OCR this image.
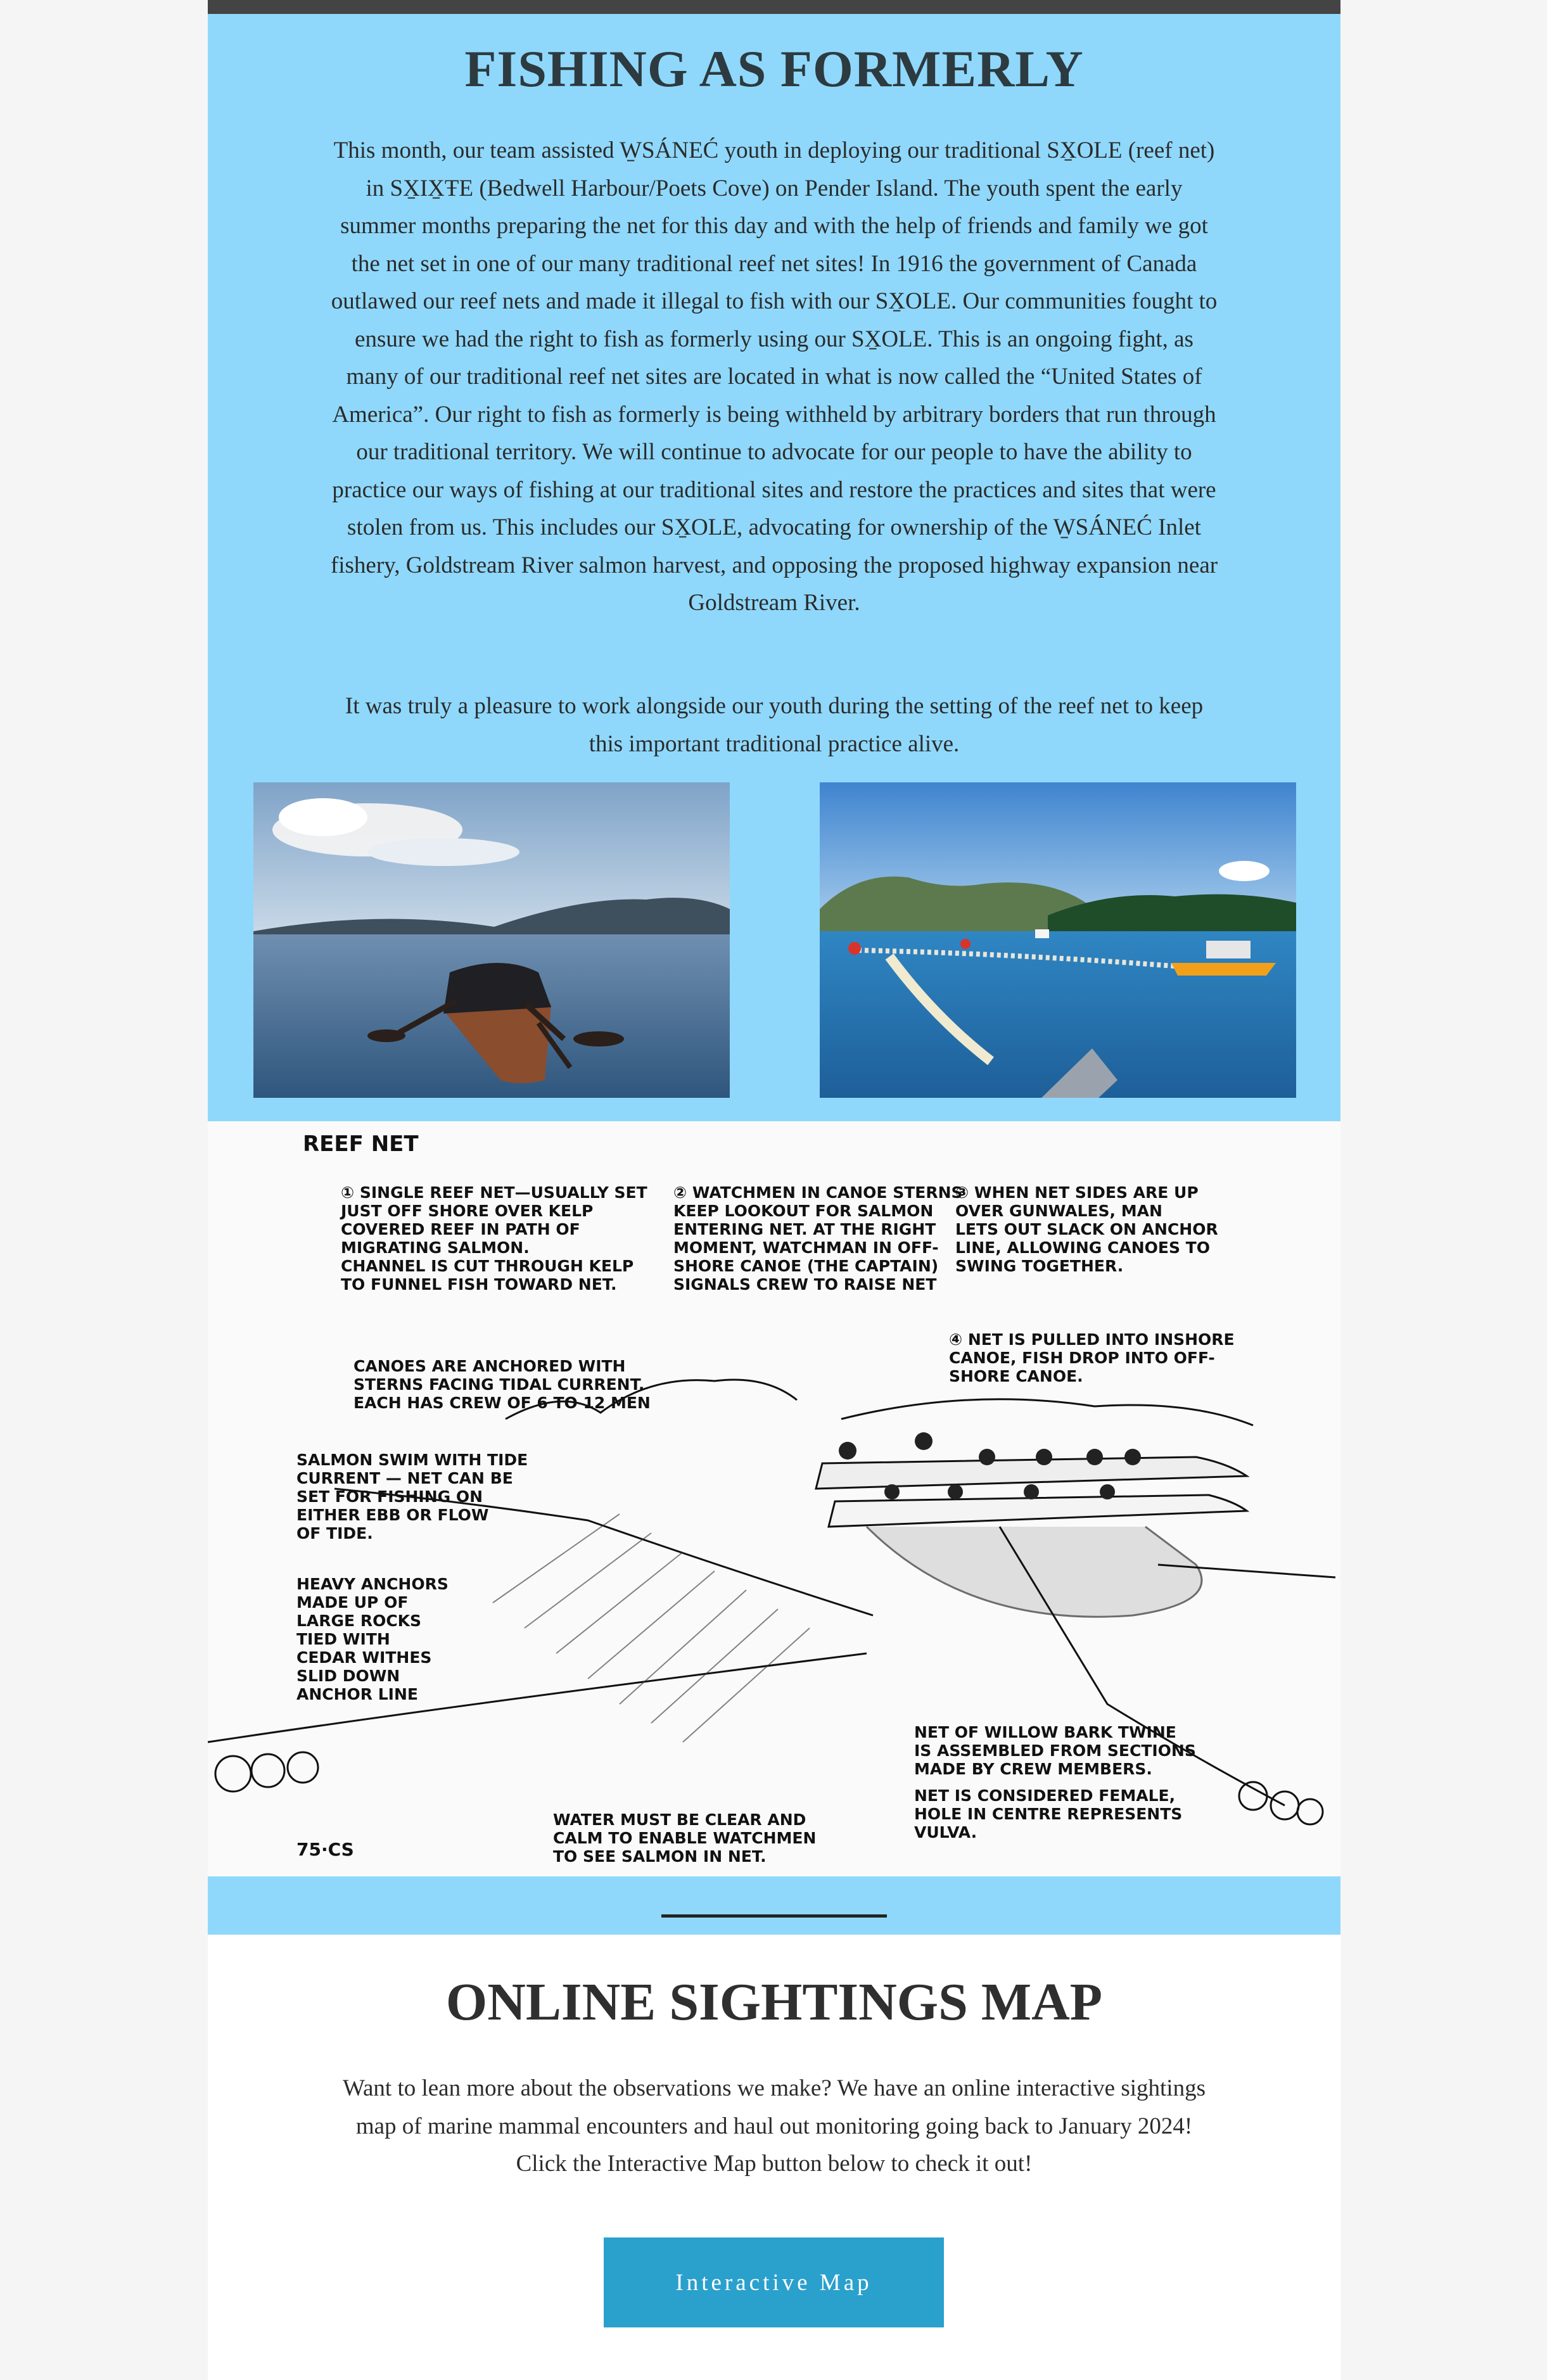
FISHING AS FORMERLY
This month, our team assisted W̱SÁNEĆ youth in deploying our traditional SX̱OLE (reef net) in SX̱IX̱ŦE (Bedwell Harbour/Poets Cove) on Pender Island. The youth spent the early summer months preparing the net for this day and with the help of friends and family we got the net set in one of our many traditional reef net sites! In 1916 the government of Canada outlawed our reef nets and made it illegal to fish with our SX̱OLE. Our communities fought to ensure we had the right to fish as formerly using our SX̱OLE. This is an ongoing fight, as many of our traditional reef net sites are located in what is now called the “United States of America”. Our right to fish as formerly is being withheld by arbitrary borders that run through our traditional territory. We will continue to advocate for our people to have the ability to practice our ways of fishing at our traditional sites and restore the practices and sites that were stolen from us. This includes our SX̱OLE, advocating for ownership of the W̱SÁNEĆ Inlet fishery, Goldstream River salmon harvest, and opposing the proposed highway expansion near Goldstream River.
It was truly a pleasure to work alongside our youth during the setting of the reef net to keep this important traditional practice alive.
REEF NET
① SINGLE REEF NET—USUALLY SET
JUST OFF SHORE OVER KELP
COVERED REEF IN PATH OF
MIGRATING SALMON.
CHANNEL IS CUT THROUGH KELP
TO FUNNEL FISH TOWARD NET.
② WATCHMEN IN CANOE STERNS
KEEP LOOKOUT FOR SALMON
ENTERING NET. AT THE RIGHT
MOMENT, WATCHMAN IN OFF-
SHORE CANOE (THE CAPTAIN)
SIGNALS CREW TO RAISE NET
③ WHEN NET SIDES ARE UP
OVER GUNWALES, MAN
LETS OUT SLACK ON ANCHOR
LINE, ALLOWING CANOES TO
SWING TOGETHER.
④ NET IS PULLED INTO INSHORE
CANOE, FISH DROP INTO OFF-
SHORE CANOE.
CANOES ARE ANCHORED WITH
STERNS FACING TIDAL CURRENT.
EACH HAS CREW OF 6 TO 12 MEN
SALMON SWIM WITH TIDE
CURRENT — NET CAN BE
SET FOR FISHING ON
EITHER EBB OR FLOW
OF TIDE.
HEAVY ANCHORS
MADE UP OF
LARGE ROCKS
TIED WITH
CEDAR WITHES
SLID DOWN
ANCHOR LINE
NET OF WILLOW BARK TWINE
IS ASSEMBLED FROM SECTIONS
MADE BY CREW MEMBERS.
NET IS CONSIDERED FEMALE,
HOLE IN CENTRE REPRESENTS
VULVA.
WATER MUST BE CLEAR AND
CALM TO ENABLE WATCHMEN
TO SEE SALMON IN NET.
75·CS
ONLINE SIGHTINGS MAP
Want to lean more about the observations we make? We have an online interactive sightings map of marine mammal encounters and haul out monitoring going back to January 2024!
Click the Interactive Map button below to check it out!
Interactive Map
